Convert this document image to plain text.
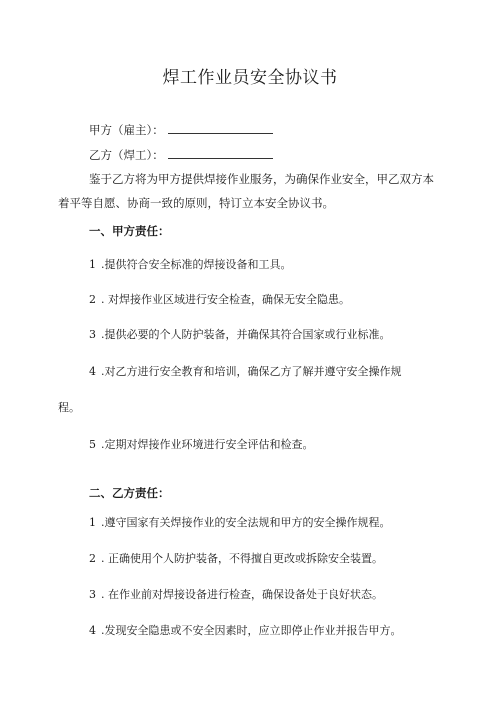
焊工作业员安全协议书
甲方（雇主）：
乙方（焊工）：
鉴于乙方将为甲方提供焊接作业服务，为确保作业安全，甲乙双方本
着平等自愿、协商一致的原则，特订立本安全协议书。
一、甲方责任：
1 .提供符合安全标准的焊接设备和工具。
2 . 对焊接作业区域进行安全检查，确保无安全隐患。
3 .提供必要的个人防护装备，并确保其符合国家或行业标准。
4 .对乙方进行安全教育和培训，确保乙方了解并遵守安全操作规
程。
5 .定期对焊接作业环境进行安全评估和检查。
二、乙方责任：
1 .遵守国家有关焊接作业的安全法规和甲方的安全操作规程。
2 . 正确使用个人防护装备，不得擅自更改或拆除安全装置。
3 . 在作业前对焊接设备进行检查，确保设备处于良好状态。
4 .发现安全隐患或不安全因素时，应立即停止作业并报告甲方。
